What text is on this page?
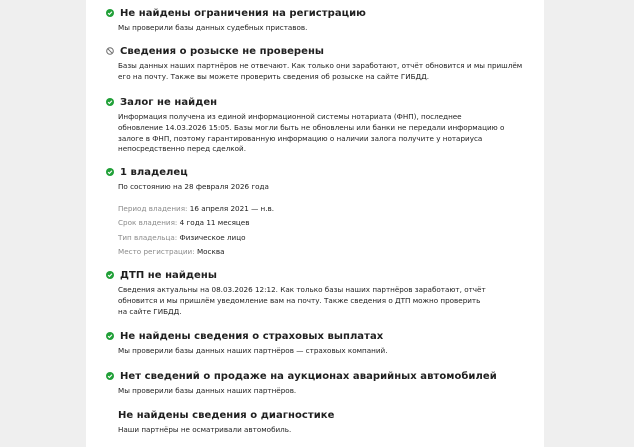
Не найдены ограничения на регистрацию
Мы проверили базы данных судебных приставов.
Сведения о розыске не проверены
Базы данных наших партнёров не отвечают. Как только они заработают, отчёт обновится и мы пришлём
его на почту. Также вы можете проверить сведения об розыске на сайте ГИБДД.
Залог не найден
Информация получена из единой информационной системы нотариата (ФНП), последнее
обновление 14.03.2026 15:05. Базы могли быть не обновлены или банки не передали информацию о
залоге в ФНП, поэтому гарантированную информацию о наличии залога получите у нотариуса
непосредственно перед сделкой.
1 владелец
По состоянию на 28 февраля 2026 года
Период владения: 16 апреля 2021 — н.в.
Срок владения: 4 года 11 месяцев
Тип владельца: Физическое лицо
Место регистрации: Москва
ДТП не найдены
Сведения актуальны на 08.03.2026 12:12. Как только базы наших партнёров заработают, отчёт
обновится и мы пришлём уведомление вам на почту. Также сведения о ДТП можно проверить
на сайте ГИБДД.
Не найдены сведения о страховых выплатах
Мы проверили базы данных наших партнёров — страховых компаний.
Нет сведений о продаже на аукционах аварийных автомобилей
Мы проверили базы данных наших партнёров.
Не найдены сведения о диагностике
Наши партнёры не осматривали автомобиль.
